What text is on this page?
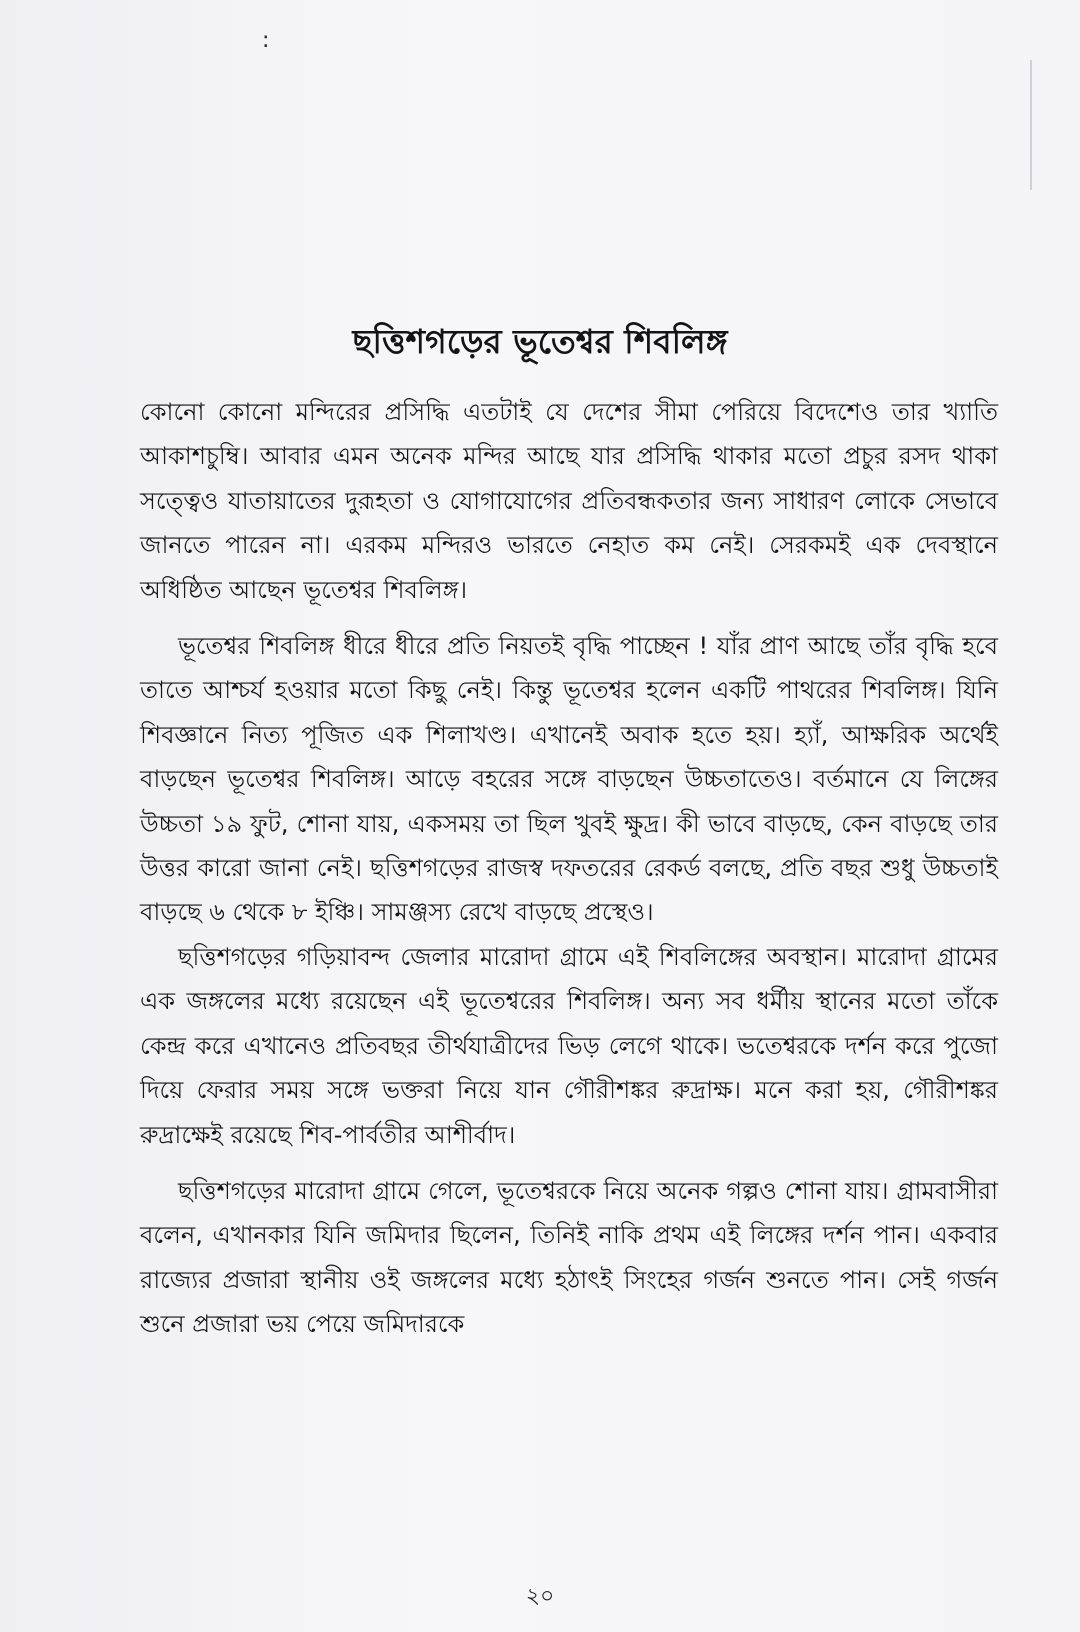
:
ছত্তিশগড়ের ভূতেশ্বর শিবলিঙ্গ

কোনো কোনো মন্দিরের প্রসিদ্ধি এতটাই যে দেশের সীমা পেরিয়ে বিদেশেও তার খ্যাতি আকাশচুম্বি। আবার এমন অনেক মন্দির আছে যার প্রসিদ্ধি থাকার মতো প্রচুর রসদ থাকা সত্ত্বেও যাতায়াতের দুরূহতা ও যোগাযোগের প্রতিবন্ধকতার জন্য সাধারণ লোকে সেভাবে জানতে পারেন না। এরকম মন্দিরও ভারতে নেহাত কম নেই। সেরকমই এক দেবস্থানে অধিষ্ঠিত আছেন ভূতেশ্বর শিবলিঙ্গ।

ভূতেশ্বর শিবলিঙ্গ ধীরে ধীরে প্রতি নিয়তই বৃদ্ধি পাচ্ছেন ! যাঁর প্রাণ আছে তাঁর বৃদ্ধি হবে তাতে আশ্চর্য হওয়ার মতো কিছু নেই। কিন্তু ভূতেশ্বর হলেন একটি পাথরের শিবলিঙ্গ। যিনি শিবজ্ঞানে নিত্য পূজিত এক শিলাখণ্ড। এখানেই অবাক হতে হয়। হ্যাঁ, আক্ষরিক অর্থেই বাড়ছেন ভূতেশ্বর শিবলিঙ্গ। আড়ে বহরের সঙ্গে বাড়ছেন উচ্চতাতেও। বর্তমানে যে লিঙ্গের উচ্চতা ১৯ ফুট, শোনা যায়, একসময় তা ছিল খুবই ক্ষুদ্র। কী ভাবে বাড়ছে, কেন বাড়ছে তার উত্তর কারো জানা নেই। ছত্তিশগড়ের রাজস্ব দফতরের রেকর্ড বলছে, প্রতি বছর শুধু উচ্চতাই বাড়ছে ৬ থেকে ৮ ইঞ্চি। সামঞ্জস্য রেখে বাড়ছে প্রস্থেও।

ছত্তিশগড়ের গড়িয়াবন্দ জেলার মারোদা গ্রামে এই শিবলিঙ্গের অবস্থান। মারোদা গ্রামের এক জঙ্গলের মধ্যে রয়েছেন এই ভূতেশ্বরের শিবলিঙ্গ। অন্য সব ধর্মীয় স্থানের মতো তাঁকে কেন্দ্র করে এখানেও প্রতিবছর তীর্থযাত্রীদের ভিড় লেগে থাকে। ভতেশ্বরকে দর্শন করে পুজো দিয়ে ফেরার সময় সঙ্গে ভক্তরা নিয়ে যান গৌরীশঙ্কর রুদ্রাক্ষ। মনে করা হয়, গৌরীশঙ্কর রুদ্রাক্ষেই রয়েছে শিব-পার্বতীর আশীর্বাদ।

ছত্তিশগড়ের মারোদা গ্রামে গেলে, ভূতেশ্বরকে নিয়ে অনেক গল্পও শোনা যায়। গ্রামবাসীরা বলেন, এখানকার যিনি জমিদার ছিলেন, তিনিই নাকি প্রথম এই লিঙ্গের দর্শন পান। একবার রাজ্যের প্রজারা স্থানীয় ওই জঙ্গলের মধ্যে হঠাৎই সিংহের গর্জন শুনতে পান। সেই গর্জন শুনে প্রজারা ভয় পেয়ে জমিদারকে

২০
